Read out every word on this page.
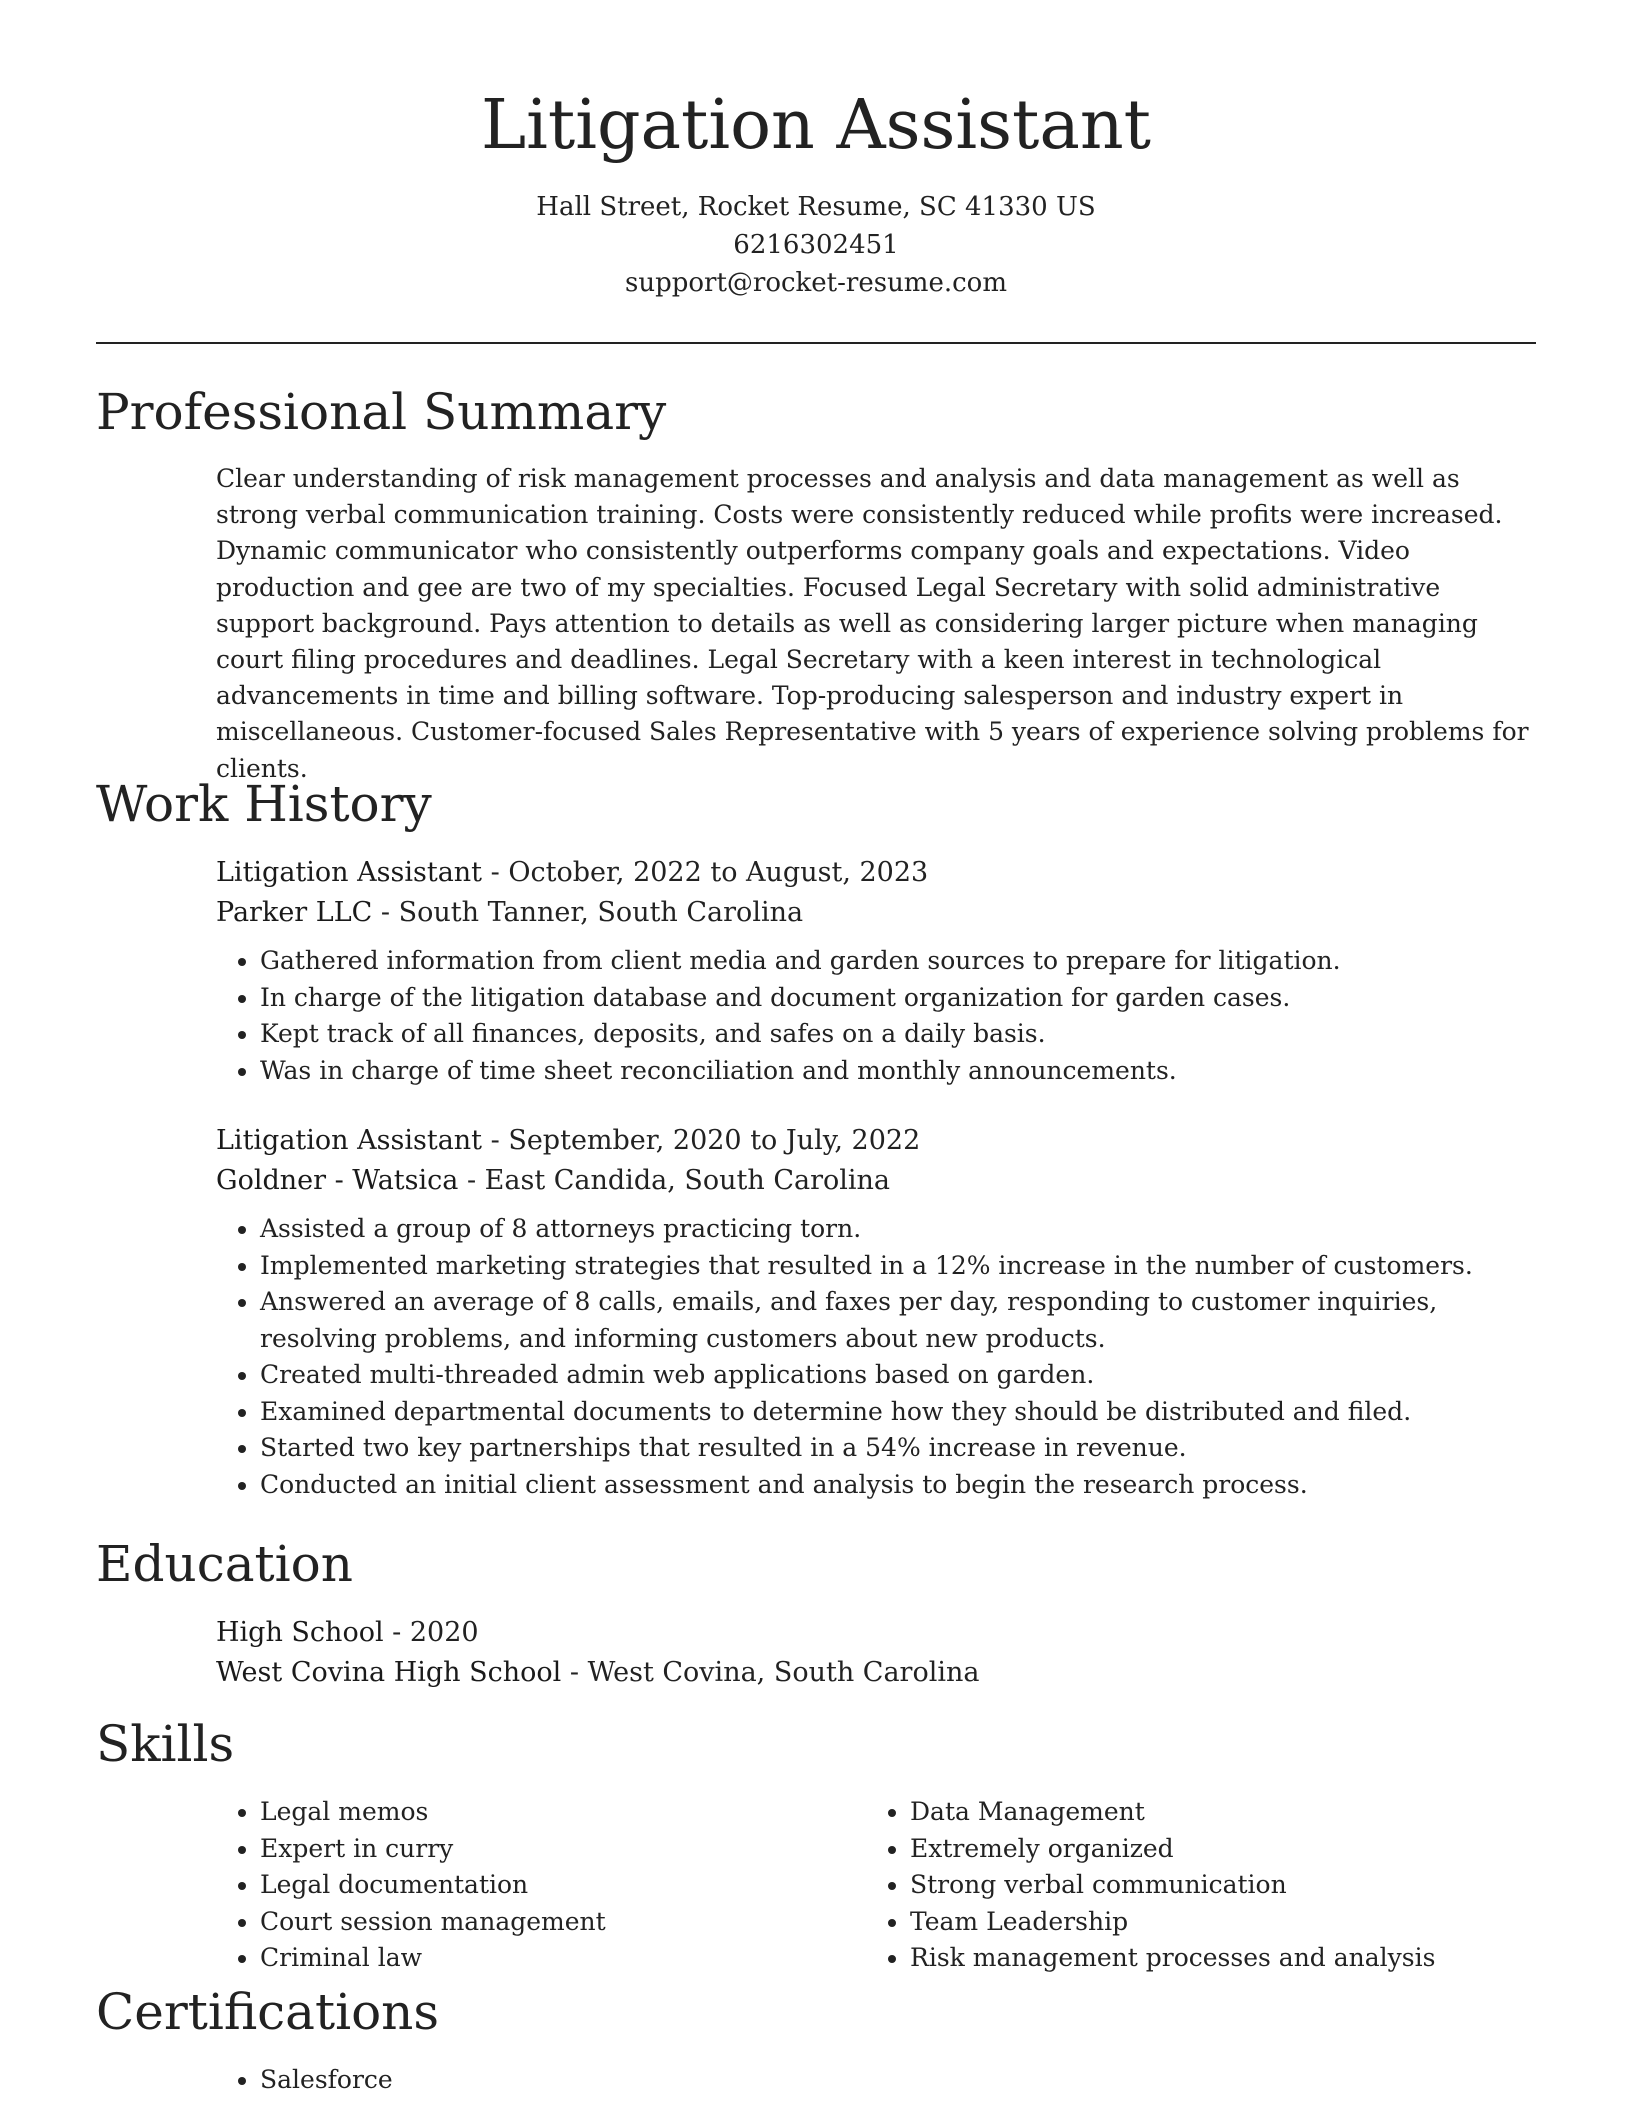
Litigation Assistant

Hall Street, Rocket Resume, SC 41330 US

6216302451

support@rocket-resume.com

Professional Summary

Clear understanding of risk management processes and analysis and data management as well as strong verbal communication training. Costs were consistently reduced while profits were increased. Dynamic communicator who consistently outperforms company goals and expectations. Video production and gee are two of my specialties. Focused Legal Secretary with solid administrative support background. Pays attention to details as well as considering larger picture when managing court filing procedures and deadlines. Legal Secretary with a keen interest in technological advancements in time and billing software. Top-producing salesperson and industry expert in miscellaneous. Customer-focused Sales Representative with 5 years of experience solving problems for clients.

Work History

Litigation Assistant - October, 2022 to August, 2023

Parker LLC - South Tanner, South Carolina

• Gathered information from client media and garden sources to prepare for litigation.
• In charge of the litigation database and document organization for garden cases.
• Kept track of all finances, deposits, and safes on a daily basis.
• Was in charge of time sheet reconciliation and monthly announcements.

Litigation Assistant - September, 2020 to July, 2022

Goldner - Watsica - East Candida, South Carolina

• Assisted a group of 8 attorneys practicing torn.
• Implemented marketing strategies that resulted in a 12% increase in the number of customers.
• Answered an average of 8 calls, emails, and faxes per day, responding to customer inquiries, resolving problems, and informing customers about new products.
• Created multi-threaded admin web applications based on garden.
• Examined departmental documents to determine how they should be distributed and filed.
• Started two key partnerships that resulted in a 54% increase in revenue.
• Conducted an initial client assessment and analysis to begin the research process.
Education

High School - 2020

West Covina High School - West Covina, South Carolina

Skills
• Legal memos
• Expert in curry
• Legal documentation
• Court session management
• Criminal law
• Data Management
• Extremely organized
• Strong verbal communication
• Team Leadership
• Risk management processes and analysis
Certifications
• Salesforce
